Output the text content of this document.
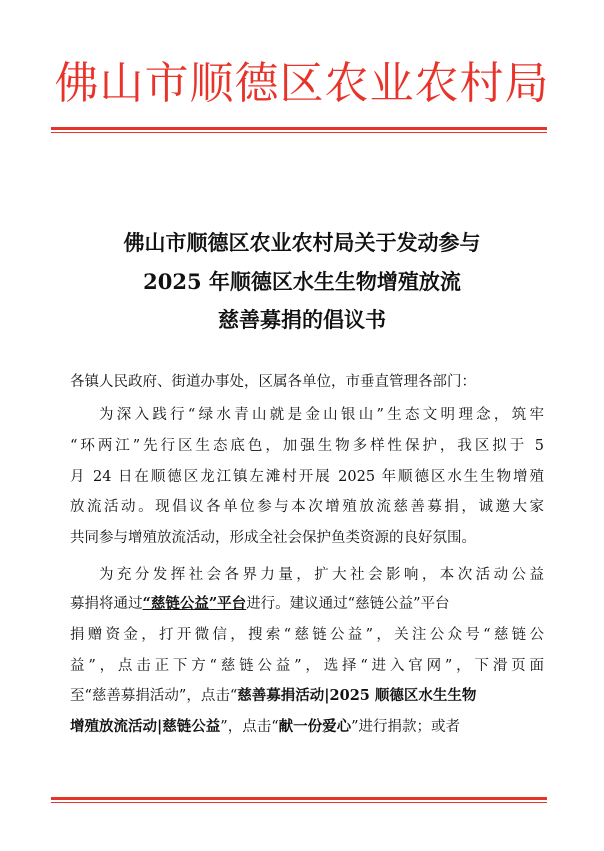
佛山市顺德区农业农村局
佛山市顺德区农业农村局关于发动参与
2025 年顺德区水生生物增殖放流
慈善募捐的倡议书
各镇人民政府、街道办事处，区属各单位，市垂直管理各部门：
为深入践行“绿水青山就是金山银山”生态文明理念，筑牢
“环两江”先行区生态底色，加强生物多样性保护，我区拟于 5
月 24 日在顺德区龙江镇左滩村开展 2025 年顺德区水生生物增殖
放流活动。现倡议各单位参与本次增殖放流慈善募捐，诚邀大家
共同参与增殖放流活动，形成全社会保护鱼类资源的良好氛围。
为充分发挥社会各界力量，扩大社会影响，本次活动公益
募捐将通过“慈链公益”平台进行。建议通过“慈链公益”平台
捐赠资金，打开微信，搜索“慈链公益”，关注公众号“慈链公
益”，点击正下方“慈链公益”，选择“进入官网”，下滑页面
至“慈善募捐活动”，点击“慈善募捐活动|2025 顺德区水生生物
增殖放流活动|慈链公益”，点击“献一份爱心”进行捐款；或者
